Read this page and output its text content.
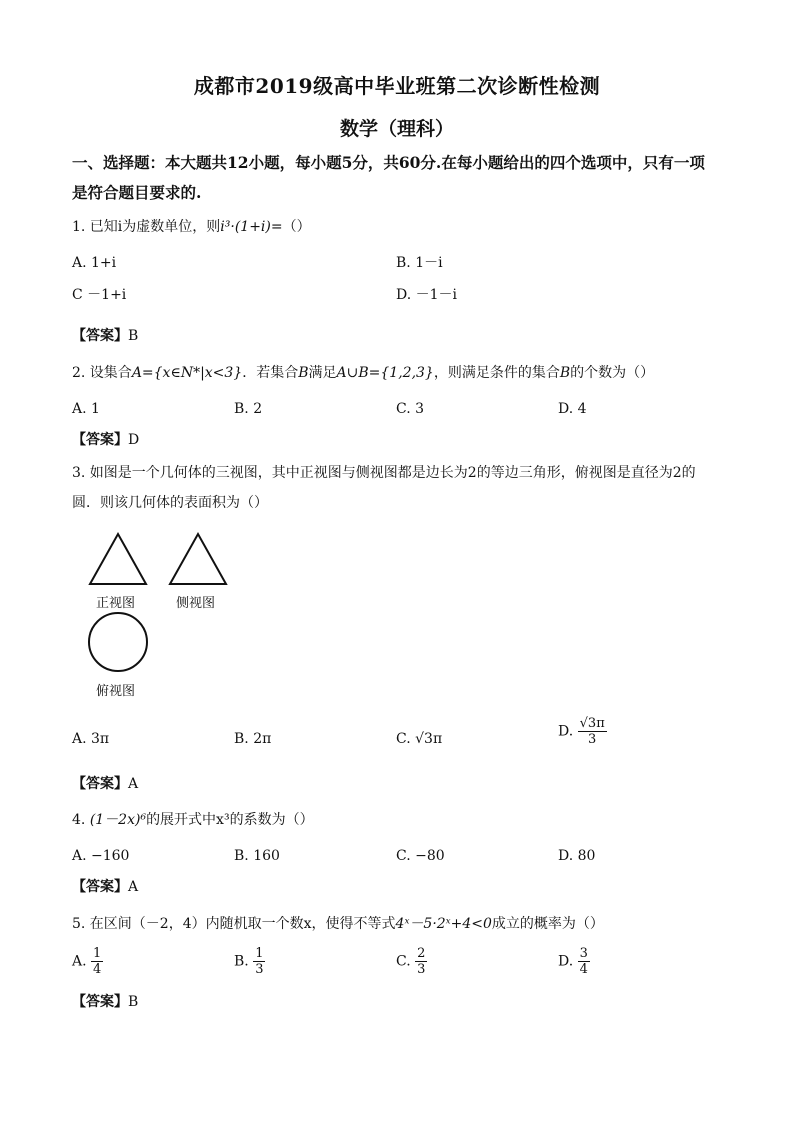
成都市2019级高中毕业班第二次诊断性检测
数学（理科）
一、选择题：本大题共12小题，每小题5分，共60分.在每小题给出的四个选项中，只有一项
是符合题目要求的.
1. 已知i为虚数单位，则i³·(1+i)=（）
A. 1+i	B. 1－i
C －1+i	D. －1－i
【答案】B
2. 设集合A={x∈N*|x<3}．若集合B满足A∪B={1,2,3}，则满足条件的集合B的个数为（）
A. 1	B. 2	C. 3	D. 4
【答案】D
3. 如图是一个几何体的三视图，其中正视图与侧视图都是边长为2的等边三角形，俯视图是直径为2的
圆．则该几何体的表面积为（）
正视图	侧视图
俯视图
A. 3π	B. 2π	C. √3π	D. $\frac{√3\pi}{3}$
【答案】A
4. (1－2x)⁶的展开式中x³的系数为（）
A. −160	B. 160	C. −80	D. 80
【答案】A
5. 在区间（－2，4）内随机取一个数x，使得不等式4ˣ－5·2ˣ+4<0成立的概率为（）
A. $\frac{1}{4}$	B. $\frac{1}{3}$	C. $\frac{2}{3}$	D. $\frac{3}{4}$
【答案】B
